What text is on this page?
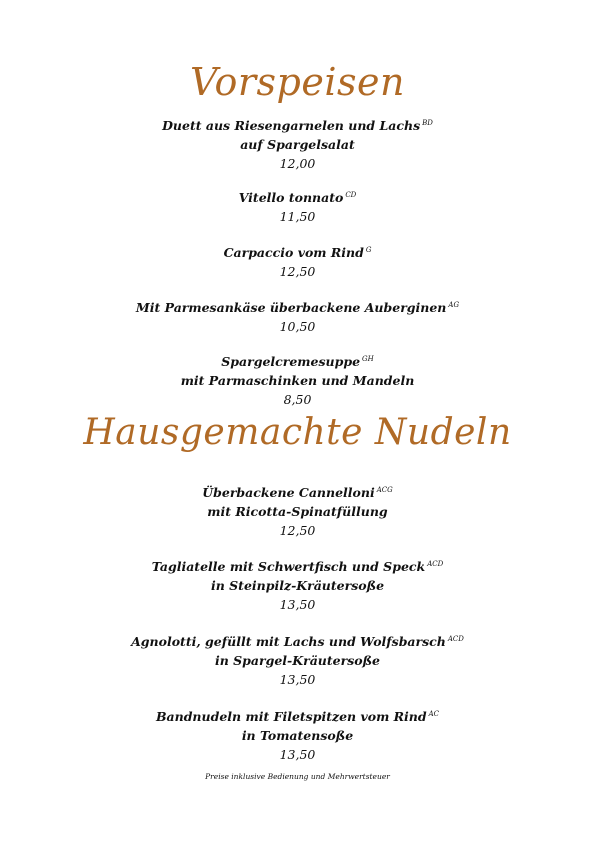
Vorspeisen
Duett aus Riesengarnelen und Lachs $^{BD}$
auf Spargelsalat
12,00
Vitello tonnato $^{CD}$
11,50
Carpaccio vom Rind $^G$
12,50
Mit Parmesankäse überbackene Auberginen $^{AG}$
10,50
Spargelcremesuppe $^{GH}$
mit Parmaschinken und Mandeln
8,50
Hausgemachte Nudeln
Überbackene Cannelloni $^{ACG}$
mit Ricotta-Spinatfüllung
12,50
Tagliatelle mit Schwertfisch und Speck $^{ACD}$
in Steinpilz-Kräutersoße
13,50
Agnolotti, gefüllt mit Lachs und Wolfsbarsch $^{ACD}$
in Spargel-Kräutersoße
13,50
Bandnudeln mit Filetspitzen vom Rind $^{AC}$
in Tomatensoße
13,50
Preise inklusive Bedienung und Mehrwertsteuer
